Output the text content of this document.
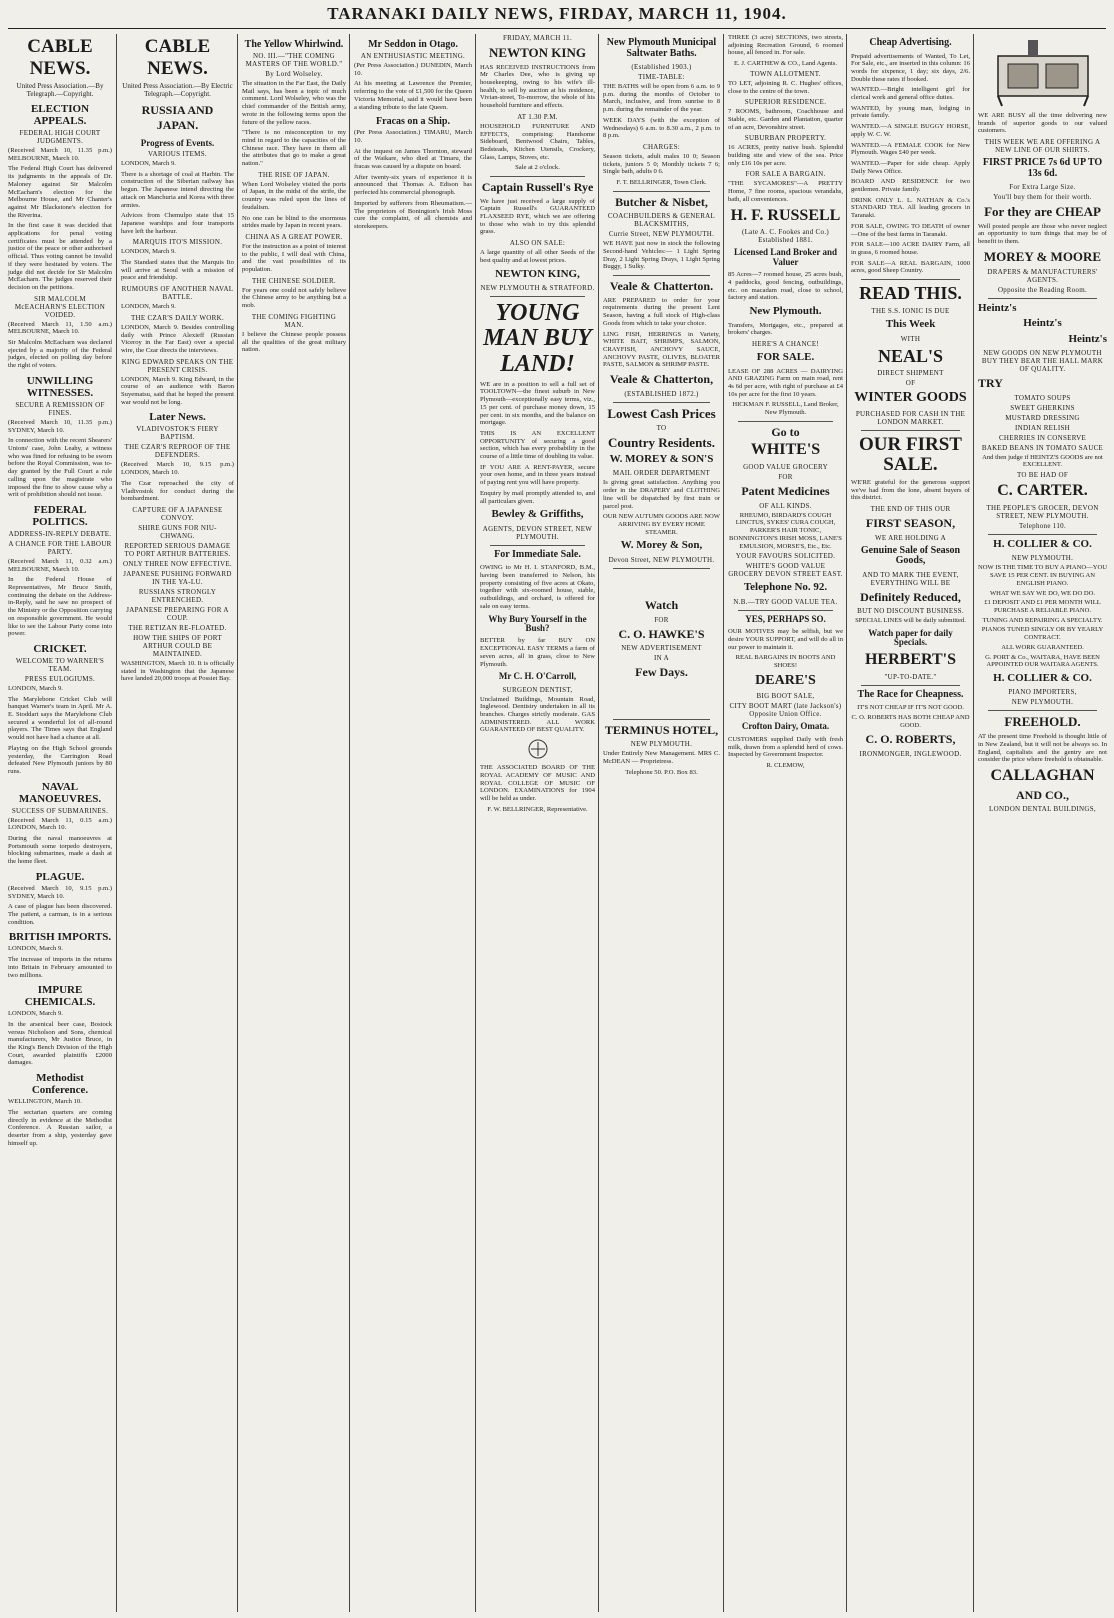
TARANAKI DAILY NEWS, FIRDAY, MARCH 11, 1904.
CABLE NEWS.
United Press Association.—By Telegraph.—Copyright.
ELECTION APPEALS.
FEDERAL HIGH COURT JUDGMENTS.

(Received March 10, 11.35 p.m.) MELBOURNE, March 10.

The Federal High Court has delivered its judgments in the appeals of Dr. Maloney against Sir Malcolm McEacharn's election for the Melbourne House, and Mr Chanter's against Mr Blackstone's election for the Riverina.

In the first case it was decided that applications for penal voting certificates must be attended by a justice of the peace or other authorised official. Thus voting cannot be invalid if they were hesitated by voters. The judge did not decide for Sir Malcolm McEacharn. The judges reserved their decision on the petitions.

SIR MALCOLM McEACHARN'S ELECTION VOIDED.

(Received March 11, 1.50 a.m.) MELBOURNE, March 10.

Sir Malcolm McEacharn was declared ejected by a majority of the Federal judges, elected on polling day before the right of voters.

UNWILLING WITNESSES.
SECURE A REMISSION OF FINES.

(Received March 10, 11.35 p.m.) SYDNEY, March 10.

In connection with the recent Shearers' Unions' case, John Leahy, a witness who was fined for refusing to be sworn before the Royal Commission, was to-day granted by the Full Court a rule calling upon the magistrate who imposed the fine to show cause why a writ of prohibition should not issue.

FEDERAL POLITICS.
ADDRESS-IN-REPLY DEBATE.
A CHANCE FOR THE LABOUR PARTY.

(Received March 11, 0.32 a.m.) MELBOURNE, March 10.

In the Federal House of Representatives, Mr Bruce Smith, continuing the debate on the Address-in-Reply, said he saw no prospect of the Ministry or the Opposition carrying on responsible government. He would like to see the Labour Party come into power.

CRICKET.
WELCOME TO WARNER'S TEAM.
PRESS EULOGIUMS.

LONDON, March 9.

The Marylebone Cricket Club will banquet Warner's team in April. Mr A. E. Stoddart says the Marylebone Club secured a wonderful lot of all-round players. The Times says that England would not have had a chance at all.

Playing on the High School grounds yesterday, the Carrington Road defeated New Plymouth juniors by 80 runs.

NAVAL MANOEUVRES.
SUCCESS OF SUBMARINES.

(Received March 11, 0.15 a.m.) LONDON, March 10.

During the naval manoeuvres at Portsmouth some torpedo destroyers, blocking submarines, made a dash at the home fleet.

PLAGUE.

(Received March 10, 9.15 p.m.) SYDNEY, March 10.

A case of plague has been discovered. The patient, a carman, is in a serious condition.

BRITISH IMPORTS.

LONDON, March 9.

The increase of imports in the returns into Britain in February amounted to two millions.

IMPURE CHEMICALS.

LONDON, March 9.

In the arsenical beer case, Bostock versus Nicholson and Sons, chemical manufacturers, Mr Justice Bruce, in the King's Bench Division of the High Court, awarded plaintiffs £2000 damages.

Methodist Conference.

WELLINGTON, March 10.

The sectarian quarters are coming directly in evidence at the Methodist Conference. A Russian sailor, a deserter from a ship, yesterday gave himself up.

CABLE NEWS.
United Press Association.—By Electric Telegraph.—Copyright.
RUSSIA AND JAPAN.
Progress of Events.
VARIOUS ITEMS.

LONDON, March 9.

There is a shortage of coal at Harbin. The construction of the Siberian railway has begun. The Japanese intend directing the attack on Manchuria and Korea with three armies.

Advices from Chemulpo state that 15 Japanese warships and four transports have left the harbour.

MARQUIS ITO'S MISSION.

LONDON, March 9.

The Standard states that the Marquis Ito will arrive at Seoul with a mission of peace and friendship.

RUMOURS OF ANOTHER NAVAL BATTLE.

LONDON, March 9.

THE CZAR'S DAILY WORK.

LONDON, March 9. Besides controlling daily with Prince Alexieff (Russian Viceroy in the Far East) over a special wire, the Czar directs the interviews.

KING EDWARD SPEAKS ON THE PRESENT CRISIS.

LONDON, March 9. King Edward, in the course of an audience with Baron Suyematsu, said that he hoped the present war would not be long.

Later News.
VLADIVOSTOK'S FIERY BAPTISM.
THE CZAR'S REPROOF OF THE DEFENDERS.

(Received March 10, 9.15 p.m.) LONDON, March 10.

The Czar reproached the city of Vladivostok for conduct during the bombardment.

CAPTURE OF A JAPANESE CONVOY.
SHIRE GUNS FOR NIU-CHWANG.
REPORTED SERIOUS DAMAGE TO PORT ARTHUR BATTERIES.
ONLY THREE NOW EFFECTIVE.
JAPANESE PUSHING FORWARD IN THE YA-LU.
RUSSIANS STRONGLY ENTRENCHED.
JAPANESE PREPARING FOR A COUP.
THE RETIZAN RE-FLOATED.
HOW THE SHIPS OF PORT ARTHUR COULD BE MAINTAINED.

WASHINGTON, March 10. It is officially stated in Washington that the Japanese have landed 20,000 troops at Possiet Bay.

The Yellow Whirlwind.
NO. III.—"THE COMING MASTERS OF THE WORLD."
By Lord Wolseley.

The situation in the Far East, the Daily Mail says, has been a topic of much comment. Lord Wolseley, who was the chief commander of the British army, wrote in the following terms upon the future of the yellow races.

"There is no misconception to my mind in regard to the capacities of the Chinese race. They have in them all the attributes that go to make a great nation."

THE RISE OF JAPAN.

When Lord Wolseley visited the ports of Japan, in the midst of the strife, the country was ruled upon the lines of feudalism.

No one can be blind to the enormous strides made by Japan in recent years.

CHINA AS A GREAT POWER.

For the instruction as a point of interest to the public, I will deal with China, and the vast possibilities of its population.

THE CHINESE SOLDIER.

For years one could not safely believe the Chinese army to be anything but a mob.

THE COMING FIGHTING MAN.

I believe the Chinese people possess all the qualities of the great military nation.

Mr Seddon in Otago.
AN ENTHUSIASTIC MEETING.

(Per Press Association.) DUNEDIN, March 10.

At his meeting at Lawrence the Premier, referring to the vote of £1,500 for the Queen Victoria Memorial, said it would have been a standing tribute to the late Queen.

Fracas on a Ship.

(Per Press Association.) TIMARU, March 10.

At the inquest on James Thornton, steward of the Waikare, who died at Timaru, the fracas was caused by a dispute on board.

After twenty-six years of experience it is announced that Thomas A. Edison has perfected his commercial phonograph.

Imported by sufferers from Rheumatism.—The proprietors of Bonington's Irish Moss cure the complaint, of all chemists and storekeepers.

FRIDAY, MARCH 11.
NEWTON KING

HAS RECEIVED INSTRUCTIONS from Mr Charles Dee, who is giving up housekeeping, owing to his wife's ill-health, to sell by auction at his residence, Vivian-street, To-morrow, the whole of his household furniture and effects.

AT 1.30 P.M.

HOUSEHOLD FURNITURE AND EFFECTS, comprising: Handsome Sideboard, Bentwood Chairs, Tables, Bedsteads, Kitchen Utensils, Crockery, Glass, Lamps, Stoves, etc.

Sale at 2 o'clock.

Captain Russell's Rye

We have just received a large supply of Captain Russell's GUARANTEED FLAXSEED RYE, which we are offering to those who wish to try this splendid grass.

ALSO ON SALE:

A large quantity of all other Seeds of the best quality and at lowest prices.

NEWTON KING,
NEW PLYMOUTH & STRATFORD.
YOUNG MAN BUY LAND!

WE are in a position to sell a full set of TOOLTOWN—the finest suburb in New Plymouth—exceptionally easy terms, viz., 15 per cent. of purchase money down, 15 per cent. in six months, and the balance on mortgage.

THIS IS AN EXCELLENT OPPORTUNITY of securing a good section, which has every probability in the course of a little time of doubling its value.

IF YOU ARE A RENT-PAYER, secure your own home, and in three years instead of paying rent you will have property.

Enquiry by mail promptly attended to, and all particulars given.

Bewley & Griffiths,
AGENTS, DEVON STREET, NEW PLYMOUTH.
For Immediate Sale.

OWING to Mr H. I. STANFORD, B.M., having been transferred to Nelson, his property consisting of five acres at Okato, together with six-roomed house, stable, outbuildings, and orchard, is offered for sale on easy terms.

Why Bury Yourself in the Bush?

BETTER by far BUY ON EXCEPTIONAL EASY TERMS a farm of seven acres, all in grass, close to New Plymouth.

Mr C. H. O'Carroll,
SURGEON DENTIST,

Unclaimed Buildings, Mountain Road, Inglewood. Dentistry undertaken in all its branches. Charges strictly moderate. GAS ADMINISTERED. ALL WORK GUARANTEED OF BEST QUALITY.

THE ASSOCIATED BOARD OF THE ROYAL ACADEMY OF MUSIC AND ROYAL COLLEGE OF MUSIC OF LONDON. EXAMINATIONS for 1904 will be held as under.

F. W. BELLRINGER, Representative.

New Plymouth Municipal Saltwater Baths.
(Established 1903.)
TIME-TABLE:

THE BATHS will be open from 6 a.m. to 9 p.m. during the months of October to March, inclusive, and from sunrise to 8 p.m. during the remainder of the year.

WEEK DAYS (with the exception of Wednesdays) 6 a.m. to 8.30 a.m., 2 p.m. to 8 p.m.

CHARGES:

Season tickets, adult males 10 0; Season tickets, juniors 5 0; Monthly tickets 7 6; Single bath, adults 0 6.

F. T. BELLRINGER, Town Clerk.

Butcher & Nisbet,
COACHBUILDERS & GENERAL BLACKSMITHS,
Currie Street, NEW PLYMOUTH.

WE HAVE just now in stock the following Second-hand Vehicles:— 1 Light Spring Dray, 2 Light Spring Drays, 1 Light Spring Buggy, 1 Sulky.

Veale & Chatterton.

ARE PREPARED to order for your requirements during the present Lent Season, having a full stock of High-class Goods from which to take your choice.

LING FISH, HERRINGS in Variety, WHITE BAIT, SHRIMPS, SALMON, CRAYFISH, ANCHOVY SAUCE, ANCHOVY PASTE, OLIVES, BLOATER PASTE, SALMON & SHRIMP PASTE.

Veale & Chatterton,
(ESTABLISHED 1872.)
Lowest Cash Prices
TO
Country Residents.
W. MOREY & SON'S
MAIL ORDER DEPARTMENT

Is giving great satisfaction. Anything you order in the DRAPERY and CLOTHING line will be dispatched by first train or parcel post.

OUR NEW AUTUMN GOODS ARE NOW ARRIVING BY EVERY HOME STEAMER.

W. Morey & Son,
Devon Street, NEW PLYMOUTH.
Watch
FOR
C. O. HAWKE'S
NEW ADVERTISEMENT
IN A
Few Days.
TERMINUS HOTEL,
NEW PLYMOUTH.

Under Entirely New Management. MRS C. McDEAN — Proprietress.

Telephone 50. P.O. Box 83.

THREE (3 acre) SECTIONS, two streets, adjoining Recreation Ground, 6 roomed house, all fenced in. For sale.

E. J. CARTHEW & CO., Land Agents.

TOWN ALLOTMENT.

TO LET, adjoining R. C. Hughes' offices, close to the centre of the town.

SUPERIOR RESIDENCE.

7 ROOMS, bathroom, Coachhouse and Stable, etc. Garden and Plantation, quarter of an acre, Devonshire street.

SUBURBAN PROPERTY.

16 ACRES, pretty native bush. Splendid building site and view of the sea. Price only £16 10s per acre.

FOR SALE A BARGAIN.

"THE SYCAMORES"—A PRETTY Home, 7 fine rooms, spacious verandahs, bath, all conveniences.

H. F. RUSSELL
(Late A. C. Fookes and Co.) Established 1881.
Licensed Land Broker and Valuer

85 Acres—7 roomed house, 25 acres bush, 4 paddocks, good fencing, outbuildings, etc. on macadam road, close to school, factory and station.

New Plymouth.

Transfers, Mortgages, etc., prepared at brokers' charges.

HERE'S A CHANCE!
FOR SALE.

LEASE OF 288 ACRES — DAIRYING AND GRAZING Farm on main road, rent 4s 6d per acre, with right of purchase at £4 10s per acre for the first 10 years.

HICKMAN F. RUSSELL, Land Broker, New Plymouth.

Go to
WHITE'S
GOOD VALUE GROCERY
FOR
Patent Medicines
OF ALL KINDS.

RHEUMO, BIRDARD'S COUGH LINCTUS, SYKES' CURA COUGH, PARKER'S HAIR TONIC, BONNINGTON'S IRISH MOSS, LANE'S EMULSION, MORSE'S, Etc., Etc.

YOUR FAVOURS SOLICITED.
WHITE'S GOOD VALUE GROCERY DEVON STREET EAST.
Telephone No. 92.
N.B.—TRY GOOD VALUE TEA.
YES, PERHAPS SO.

OUR MOTIVES may be selfish, but we desire YOUR SUPPORT, and will do all in our power to maintain it.

REAL BARGAINS IN BOOTS AND SHOES!

DEARE'S
BIG BOOT SALE,
CITY BOOT MART (late Jackson's) Opposite Union Office.
Crofton Dairy, Omata.

CUSTOMERS supplied Daily with fresh milk, drawn from a splendid herd of cows. Inspected by Government Inspector.

R. CLEMOW,

Cheap Advertising.

Prepaid advertisements of Wanted, To Let, For Sale, etc., are inserted in this column: 16 words for sixpence, 1 day; six days, 2/6. Double these rates if booked.

WANTED.—Bright intelligent girl for clerical work and general office duties.

WANTED, by young man, lodging in private family.

WANTED.—A SINGLE BUGGY HORSE, apply W. C. W.

WANTED.—A FEMALE COOK for New Plymouth. Wages £40 per week.

WANTED.—Paper for side cheap. Apply Daily News Office.

BOARD AND RESIDENCE for two gentlemen. Private family.

DRINK ONLY L. L. NATHAN & Co.'s STANDARD TEA. All leading grocers in Taranaki.

FOR SALE, OWING TO DEATH of owner—One of the best farms in Taranaki.

FOR SALE—100 ACRE DAIRY Farm, all in grass, 6 roomed house.

FOR SALE—A REAL BARGAIN, 1000 acres, good Sheep Country.

READ THIS.
THE S.S. IONIC IS DUE
This Week
WITH
NEAL'S
DIRECT SHIPMENT
OF
WINTER GOODS
PURCHASED FOR CASH IN THE LONDON MARKET.
OUR FIRST SALE.

WE'RE grateful for the generous support we've had from the lone, absent buyers of this district.

THE END OF THIS OUR
FIRST SEASON,
WE ARE HOLDING A
Genuine Sale of Season Goods,
AND TO MARK THE EVENT, EVERYTHING WILL BE
Definitely Reduced,
BUT NO DISCOUNT BUSINESS.

SPECIAL LINES will be daily submitted.

Watch paper for daily Specials.
HERBERT'S
"UP-TO-DATE."
The Race for Cheapness.

IT'S NOT CHEAP IF IT'S NOT GOOD.

C. O. ROBERTS HAS BOTH CHEAP AND GOOD.

C. O. ROBERTS,
IRONMONGER, INGLEWOOD.

WE ARE BUSY all the time delivering new brands of superior goods to our valued customers.

THIS WEEK WE ARE OFFERING A NEW LINE OF OUR SHIRTS.
FIRST PRICE 7s 6d UP TO 13s 6d.
For Extra Large Size.
You'll buy them for their worth.
For they are CHEAP

Well posted people are those who never neglect an opportunity to turn things that may be of benefit to them.

MOREY & MOORE
DRAPERS & MANUFACTURERS' AGENTS.
Opposite the Reading Room.
Heintz's
Heintz's
Heintz's
NEW GOODS ON NEW PLYMOUTH BUY THEY BEAR THE HALL MARK OF QUALITY.
TRY
TOMATO SOUPS
SWEET GHERKINS
MUSTARD DRESSING
INDIAN RELISH
CHERRIES IN CONSERVE
BAKED BEANS IN TOMATO SAUCE

And then judge if HEINTZ'S GOODS are not EXCELLENT.

TO BE HAD OF
C. CARTER.
THE PEOPLE'S GROCER, DEVON STREET, NEW PLYMOUTH.
Telephone 110.
H. COLLIER & CO.
NEW PLYMOUTH.

NOW IS THE TIME TO BUY A PIANO—YOU SAVE 15 PER CENT. IN BUYING AN ENGLISH PIANO.

WHAT WE SAY WE DO, WE DO DO.

£1 DEPOSIT AND £1 PER MONTH WILL PURCHASE A RELIABLE PIANO.

TUNING AND REPAIRING A SPECIALTY.

PIANOS TUNED SINGLY OR BY YEARLY CONTRACT.

ALL WORK GUARANTEED.

G. PORT & Co., WAITARA, HAVE BEEN APPOINTED OUR WAITARA AGENTS.

H. COLLIER & CO.
PIANO IMPORTERS,
NEW PLYMOUTH.
FREEHOLD.

AT the present time Freehold is thought little of in New Zealand, but it will not be always so. In England, capitalists and the gentry are not consider the price where freehold is obtainable.

CALLAGHAN
AND CO.,
LONDON DENTAL BUILDINGS,
